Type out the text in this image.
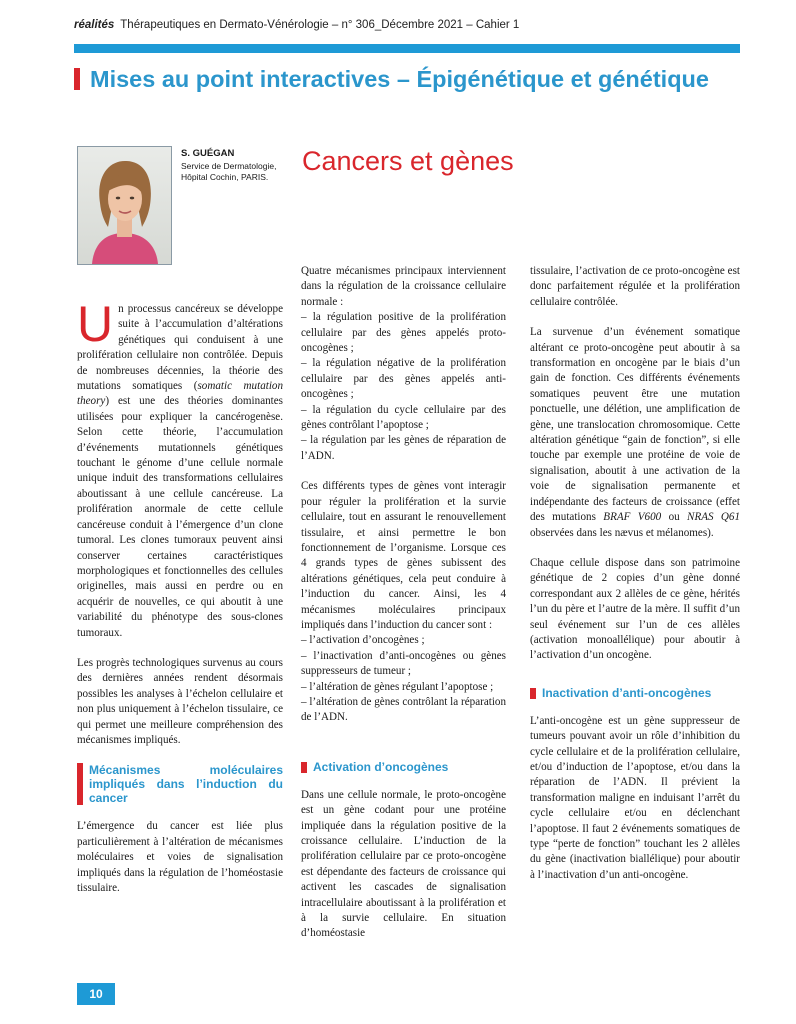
réalités Thérapeutiques en Dermato-Vénérologie – n° 306_Décembre 2021 – Cahier 1
Mises au point interactives – Épigénétique et génétique
S. GUÉGAN
Service de Dermatologie,
Hôpital Cochin, PARIS.
Cancers et gènes

Un processus cancéreux se développe suite à l’accumulation d’altérations génétiques qui conduisent à une prolifération cellulaire non contrôlée. Depuis de nombreuses décennies, la théorie des mutations somatiques (somatic mutation theory) est une des théories dominantes utilisées pour expliquer la cancérogenèse. Selon cette théorie, l’accumulation d’événements mutationnels génétiques touchant le génome d’une cellule normale unique induit des transformations cellulaires aboutissant à une cellule cancéreuse. La prolifération anormale de cette cellule cancéreuse conduit à l’émergence d’un clone tumoral. Les clones tumoraux peuvent ainsi conserver certaines caractéristiques morphologiques et fonctionnelles des cellules originelles, mais aussi en perdre ou en acquérir de nouvelles, ce qui aboutit à une variabilité du phénotype des sous-clones tumoraux.

Les progrès technologiques survenus au cours des dernières années rendent désormais possibles les analyses à l’échelon cellulaire et non plus uniquement à l’échelon tissulaire, ce qui permet une meilleure compréhension des mécanismes impliqués.

Mécanismes moléculaires impliqués dans l’induction du cancer

L’émergence du cancer est liée plus particulièrement à l’altération de mécanismes moléculaires et voies de signalisation impliqués dans la régulation de l’homéostasie tissulaire.

Quatre mécanismes principaux interviennent dans la régulation de la croissance cellulaire normale :

– la régulation positive de la prolifération cellulaire par des gènes appelés proto-oncogènes ;
– la régulation négative de la prolifération cellulaire par des gènes appelés anti-oncogènes ;
– la régulation du cycle cellulaire par des gènes contrôlant l’apoptose ;
– la régulation par les gènes de réparation de l’ADN.

Ces différents types de gènes vont interagir pour réguler la prolifération et la survie cellulaire, tout en assurant le renouvellement tissulaire, et ainsi permettre le bon fonctionnement de l’organisme. Lorsque ces 4 grands types de gènes subissent des altérations génétiques, cela peut conduire à l’induction du cancer. Ainsi, les 4 mécanismes moléculaires principaux impliqués dans l’induction du cancer sont :

– l’activation d’oncogènes ;
– l’inactivation d’anti-oncogènes ou gènes suppresseurs de tumeur ;
– l’altération de gènes régulant l’apoptose ;
– l’altération de gènes contrôlant la réparation de l’ADN.
Activation d’oncogènes

Dans une cellule normale, le proto-oncogène est un gène codant pour une protéine impliquée dans la régulation positive de la croissance cellulaire. L’induction de la prolifération cellulaire par ce proto-oncogène est dépendante des facteurs de croissance qui activent les cascades de signalisation intracellulaire aboutissant à la prolifération et à la survie cellulaire. En situation d’homéostasie

tissulaire, l’activation de ce proto-oncogène est donc parfaitement régulée et la prolifération cellulaire contrôlée.

La survenue d’un événement somatique altérant ce proto-oncogène peut aboutir à sa transformation en oncogène par le biais d’un gain de fonction. Ces différents événements somatiques peuvent être une mutation ponctuelle, une délétion, une amplification de gène, une translocation chromosomique. Cette altération génétique “gain de fonction”, si elle touche par exemple une protéine de voie de signalisation, aboutit à une activation de la voie de signalisation permanente et indépendante des facteurs de croissance (effet des mutations BRAF V600 ou NRAS Q61 observées dans les nævus et mélanomes).

Chaque cellule dispose dans son patrimoine génétique de 2 copies d’un gène donné correspondant aux 2 allèles de ce gène, hérités l’un du père et l’autre de la mère. Il suffit d’un seul événement sur l’un de ces allèles (activation monoallélique) pour aboutir à l’activation d’un oncogène.

Inactivation d’anti-oncogènes

L’anti-oncogène est un gène suppresseur de tumeurs pouvant avoir un rôle d’inhibition du cycle cellulaire et de la prolifération cellulaire, et/ou d’induction de l’apoptose, et/ou dans la réparation de l’ADN. Il prévient la transformation maligne en induisant l’arrêt du cycle cellulaire et/ou en déclenchant l’apoptose. Il faut 2 événements somatiques de type “perte de fonction” touchant les 2 allèles du gène (inactivation biallélique) pour aboutir à l’inactivation d’un anti-oncogène.

10
